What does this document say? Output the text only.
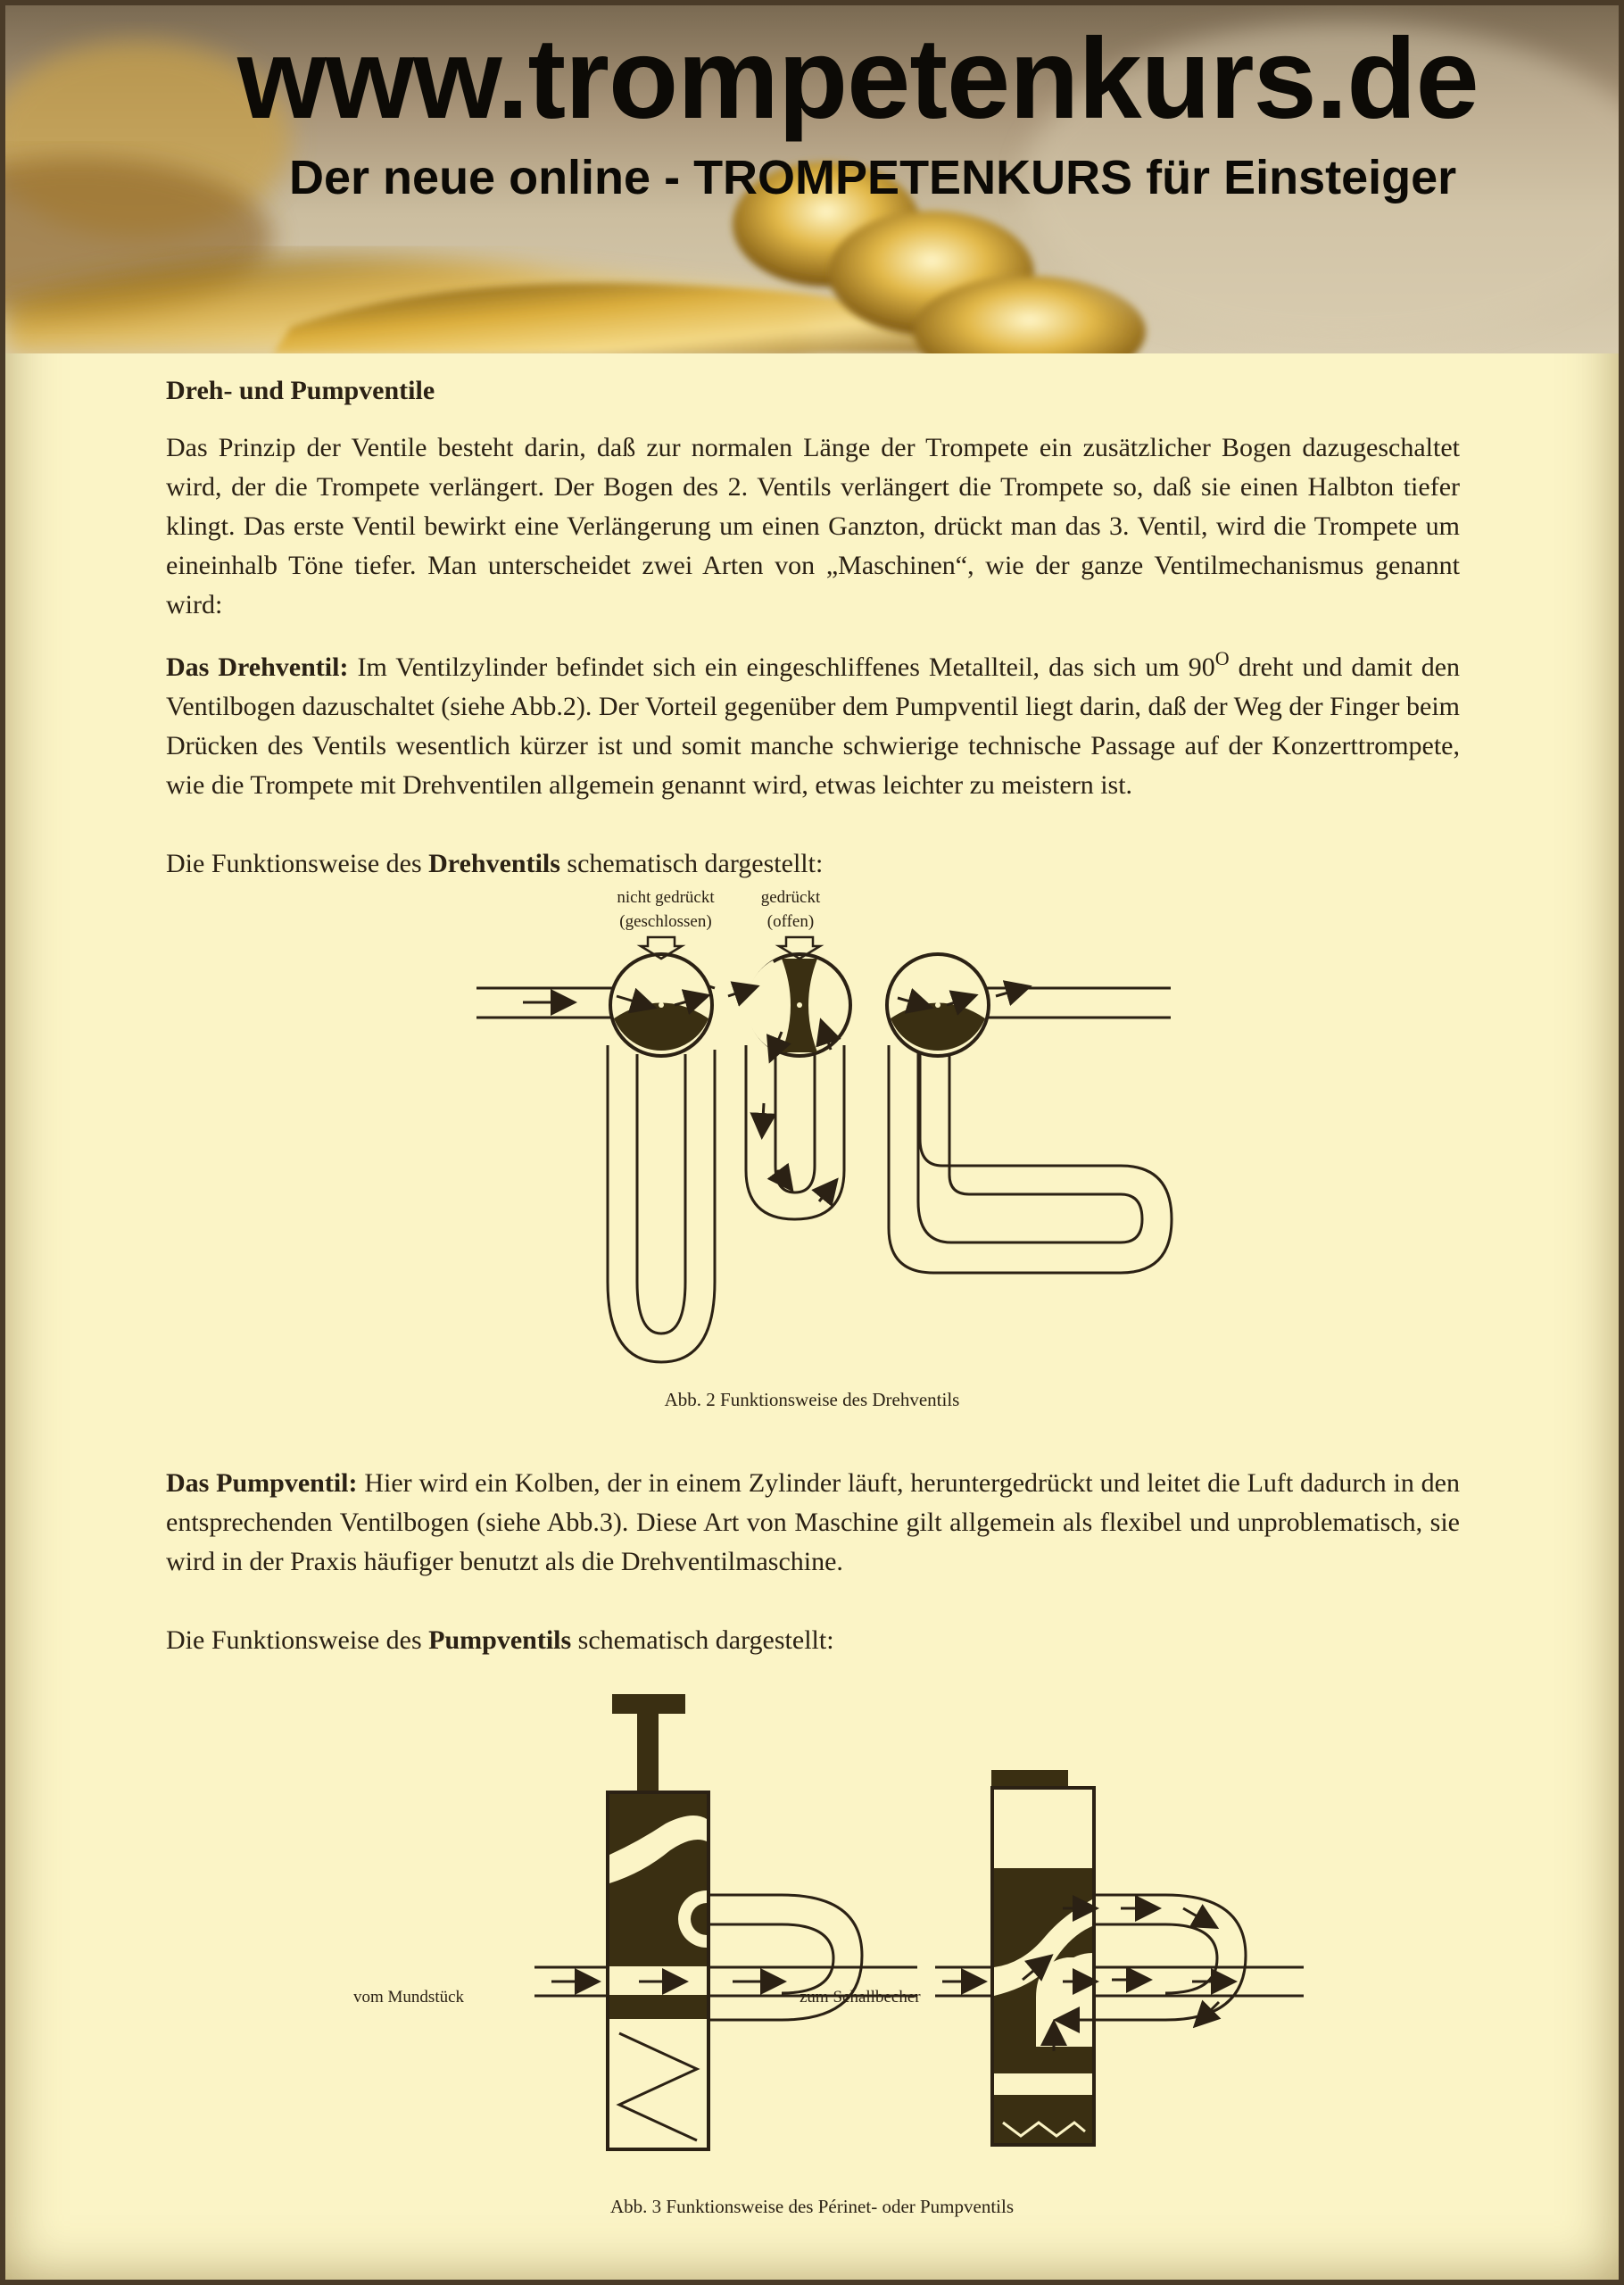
www.trompetenkurs.de
Der neue online - TROMPETENKURS für Einsteiger
Dreh- und Pumpventile

Das Prinzip der Ventile besteht darin, daß zur normalen Länge der Trompete ein zusätzlicher Bogen dazugeschaltet wird, der die Trompete verlängert. Der Bogen des 2. Ventils verlängert die Trompete so, daß sie einen Halbton tiefer klingt. Das erste Ventil bewirkt eine Verlängerung um einen Ganzton, drückt man das 3. Ventil, wird die Trompete um eineinhalb Töne tiefer. Man unterscheidet zwei Arten von „Maschinen“, wie der ganze Ventilmechanismus genannt wird:

Das Drehventil: Im Ventilzylinder befindet sich ein eingeschliffenes Metallteil, das sich um $90^O$ dreht und damit den Ventilbogen dazuschaltet (siehe Abb.2). Der Vorteil gegenüber dem Pumpventil liegt darin, daß der Weg der Finger beim Drücken des Ventils wesentlich kürzer ist und somit manche schwierige technische Passage auf der Konzerttrompete, wie die Trompete mit Drehventilen allgemein genannt wird, etwas leichter zu meistern ist.

Die Funktionsweise des Drehventils schematisch dargestellt:

nicht gedrückt
(geschlossen)
gedrückt
(offen)
Abb. 2 Funktionsweise des Drehventils

Das Pumpventil: Hier wird ein Kolben, der in einem Zylinder läuft, heruntergedrückt und leitet die Luft dadurch in den entsprechenden Ventilbogen (siehe Abb.3). Diese Art von Maschine gilt allgemein als flexibel und unproblematisch, sie wird in der Praxis häufiger benutzt als die Drehventilmaschine.

Die Funktionsweise des Pumpventils schematisch dargestellt:

vom Mundstück	zum Schallbecher
Abb. 3 Funktionsweise des Périnet- oder Pumpventils
